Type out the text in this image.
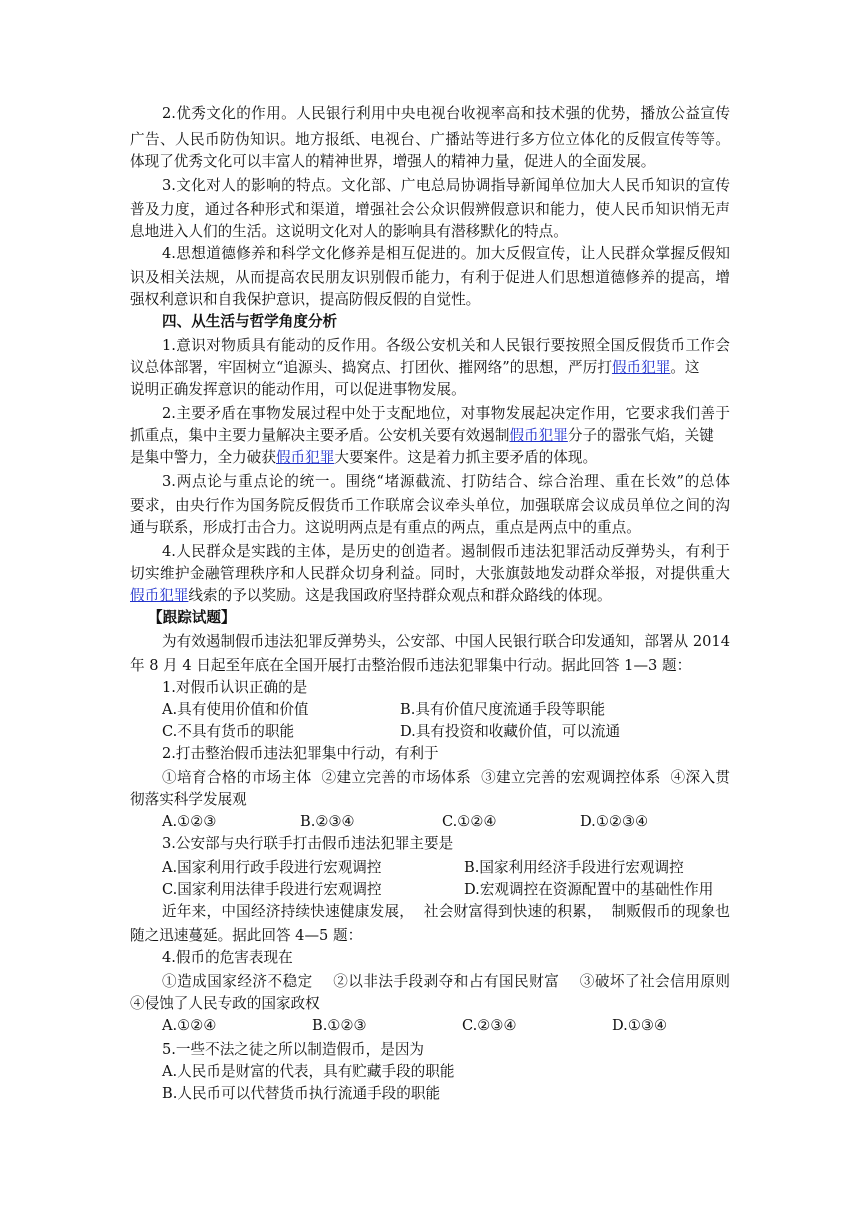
2.优秀文化的作用。人民银行利用中央电视台收视率高和技术强的优势，播放公益宣传
广告、人民币防伪知识。地方报纸、电视台、广播站等进行多方位立体化的反假宣传等等。
体现了优秀文化可以丰富人的精神世界，增强人的精神力量，促进人的全面发展。
3.文化对人的影响的特点。文化部、广电总局协调指导新闻单位加大人民币知识的宣传
普及力度，通过各种形式和渠道，增强社会公众识假辨假意识和能力，使人民币知识悄无声
息地进入人们的生活。这说明文化对人的影响具有潜移默化的特点。
4.思想道德修养和科学文化修养是相互促进的。加大反假宣传，让人民群众掌握反假知
识及相关法规，从而提高农民朋友识别假币能力，有利于促进人们思想道德修养的提高，增
强权利意识和自我保护意识，提高防假反假的自觉性。
四、从生活与哲学角度分析
1.意识对物质具有能动的反作用。各级公安机关和人民银行要按照全国反假货币工作会
议总体部署，牢固树立“追源头、捣窝点、打团伙、摧网络”的思想，严厉打假币犯罪。这
说明正确发挥意识的能动作用，可以促进事物发展。
2.主要矛盾在事物发展过程中处于支配地位，对事物发展起决定作用，它要求我们善于
抓重点，集中主要力量解决主要矛盾。公安机关要有效遏制假币犯罪分子的嚣张气焰，关键
是集中警力，全力破获假币犯罪大要案件。这是着力抓主要矛盾的体现。
3.两点论与重点论的统一。围绕“堵源截流、打防结合、综合治理、重在长效”的总体
要求，由央行作为国务院反假货币工作联席会议牵头单位，加强联席会议成员单位之间的沟
通与联系，形成打击合力。这说明两点是有重点的两点，重点是两点中的重点。
4.人民群众是实践的主体，是历史的创造者。遏制假币违法犯罪活动反弹势头，有利于
切实维护金融管理秩序和人民群众切身利益。同时，大张旗鼓地发动群众举报，对提供重大
假币犯罪线索的予以奖励。这是我国政府坚持群众观点和群众路线的体现。
【跟踪试题】
为有效遏制假币违法犯罪反弹势头，公安部、中国人民银行联合印发通知，部署从 2014
年 8 月 4 日起至年底在全国开展打击整治假币违法犯罪集中行动。据此回答 1—3 题：
1.对假币认识正确的是
A.具有使用价值和价值	B.具有价值尺度流通手段等职能
C.不具有货币的职能	D.具有投资和收藏价值，可以流通
2.打击整治假币违法犯罪集中行动，有利于
①培育合格的市场主体  ②建立完善的市场体系  ③建立完善的宏观调控体系  ④深入贯
彻落实科学发展观
A.①②③	B.②③④	C.①②④	D.①②③④
3.公安部与央行联手打击假币违法犯罪主要是
A.国家利用行政手段进行宏观调控	B.国家利用经济手段进行宏观调控
C.国家利用法律手段进行宏观调控	D.宏观调控在资源配置中的基础性作用
近年来，中国经济持续快速健康发展，  社会财富得到快速的积累，  制贩假币的现象也
随之迅速蔓延。据此回答 4—5 题：
4.假币的危害表现在
①造成国家经济不稳定    ②以非法手段剥夺和占有国民财富    ③破坏了社会信用原则
④侵蚀了人民专政的国家政权
A.①②④	B.①②③	C.②③④	D.①③④
5.一些不法之徒之所以制造假币，是因为
A.人民币是财富的代表，具有贮藏手段的职能
B.人民币可以代替货币执行流通手段的职能
